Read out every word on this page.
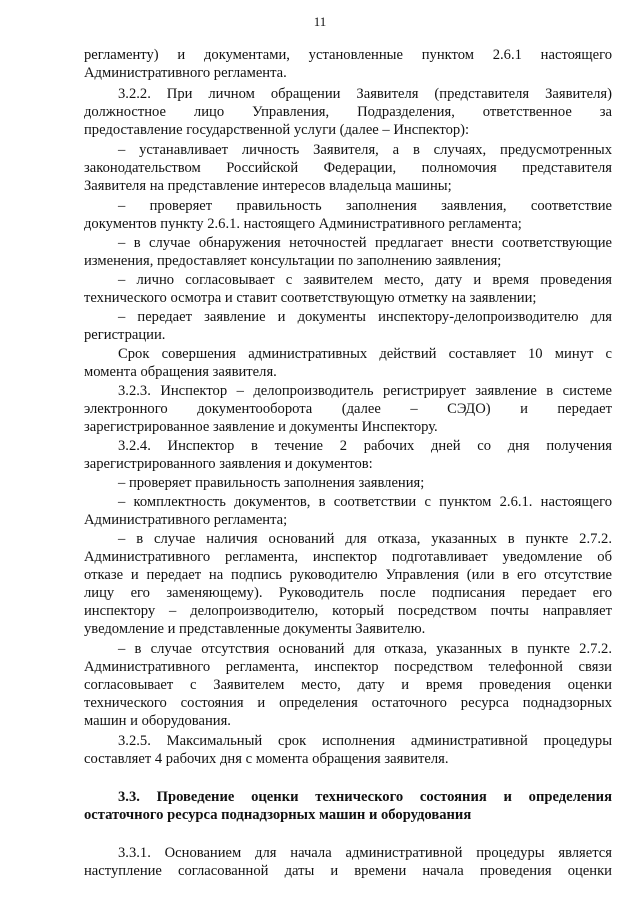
11
регламенту) и документами, установленные пунктом 2.6.1 настоящего
Административного регламента.
3.2.2. При личном обращении Заявителя (представителя Заявителя)
должностное лицо Управления, Подразделения, ответственное за
предоставление государственной услуги (далее – Инспектор):
– устанавливает личность Заявителя, а в случаях, предусмотренных
законодательством Российской Федерации, полномочия представителя
Заявителя на представление интересов владельца машины;
– проверяет правильность заполнения заявления, соответствие
документов пункту 2.6.1. настоящего Административного регламента;
– в случае обнаружения неточностей предлагает внести соответствующие
изменения, предоставляет консультации по заполнению заявления;
– лично согласовывает с заявителем место, дату и время проведения
технического осмотра и ставит соответствующую отметку на заявлении;
– передает заявление и документы инспектору-делопроизводителю для
регистрации.
Срок совершения административных действий составляет 10 минут с
момента обращения заявителя.
3.2.3. Инспектор – делопроизводитель регистрирует заявление в системе
электронного документооборота (далее – СЭДО) и передает
зарегистрированное заявление и документы Инспектору.
3.2.4. Инспектор в течение 2 рабочих дней со дня получения
зарегистрированного заявления и документов:
– проверяет правильность заполнения заявления;
– комплектность документов, в соответствии с пунктом 2.6.1. настоящего
Административного регламента;
– в случае наличия оснований для отказа, указанных в пункте 2.7.2.
Административного регламента, инспектор подготавливает уведомление об
отказе и передает на подпись руководителю Управления (или в его отсутствие
лицу его заменяющему). Руководитель после подписания передает его
инспектору – делопроизводителю, который посредством почты направляет
уведомление и представленные документы Заявителю.
– в случае отсутствия оснований для отказа, указанных в пункте 2.7.2.
Административного регламента, инспектор посредством телефонной связи
согласовывает с Заявителем место, дату и время проведения оценки
технического состояния и определения остаточного ресурса поднадзорных
машин и оборудования.
3.2.5. Максимальный срок исполнения административной процедуры
составляет 4 рабочих дня с момента обращения заявителя.
3.3. Проведение оценки технического состояния и определения
остаточного ресурса поднадзорных машин и оборудования
3.3.1. Основанием для начала административной процедуры является
наступление согласованной даты и времени начала проведения оценки
